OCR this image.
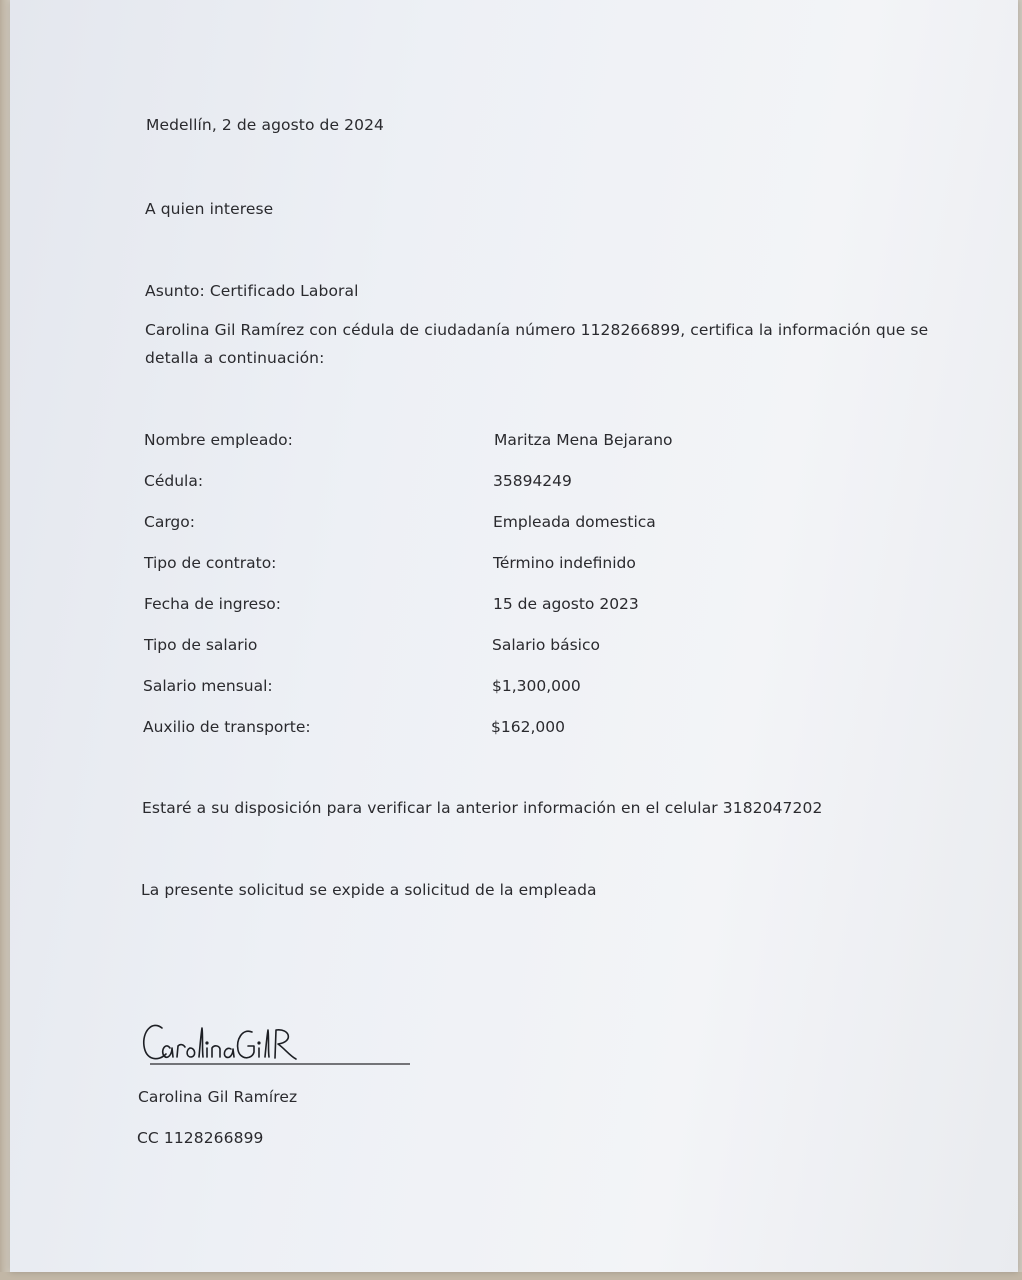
Medellín, 2 de agosto de 2024
A quien interese
Asunto: Certificado Laboral
Carolina Gil Ramírez con cédula de ciudadanía número 1128266899, certifica la información que se
detalla a continuación:
Nombre empleado:	Maritza Mena Bejarano
Cédula:	35894249
Cargo:	Empleada domestica
Tipo de contrato:	Término indefinido
Fecha de ingreso:	15 de agosto 2023
Tipo de salario	Salario básico
Salario mensual:	$1,300,000
Auxilio de transporte:	$162,000
Estaré a su disposición para verificar la anterior información en el celular 3182047202
La presente solicitud se expide a solicitud de la empleada
Carolina Gil Ramírez
CC 1128266899
